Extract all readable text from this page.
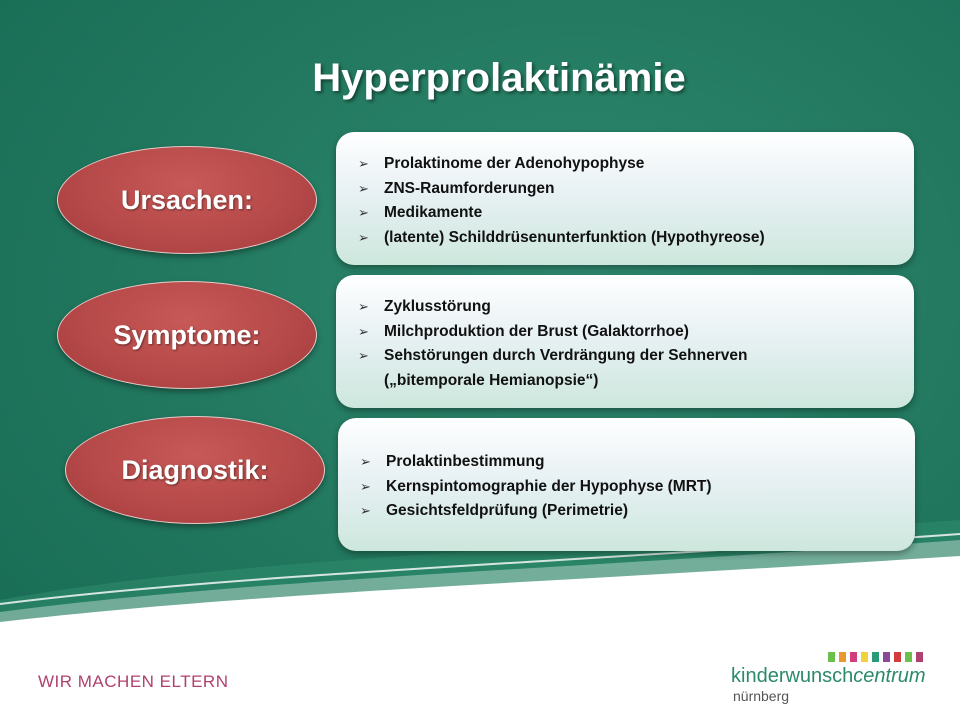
Hyperprolaktinämie
Ursachen:
➢ Prolaktinome der Adenohypophyse
➢ ZNS-Raumforderungen
➢ Medikamente
➢ (latente) Schilddrüsenunterfunktion (Hypothyreose)
Symptome:
➢ Zyklusstörung
➢ Milchproduktion der Brust (Galaktorrhoe)
➢ Sehstörungen durch Verdrängung der Sehnerven
(„bitemporale Hemianopsie“)
Diagnostik:	➢ Prolaktinbestimmung
➢ Kernspintomographie der Hypophyse (MRT)
➢ Gesichtsfeldprüfung (Perimetrie)
WIR MACHEN ELTERN	kinderwunschcentrum
nürnberg
